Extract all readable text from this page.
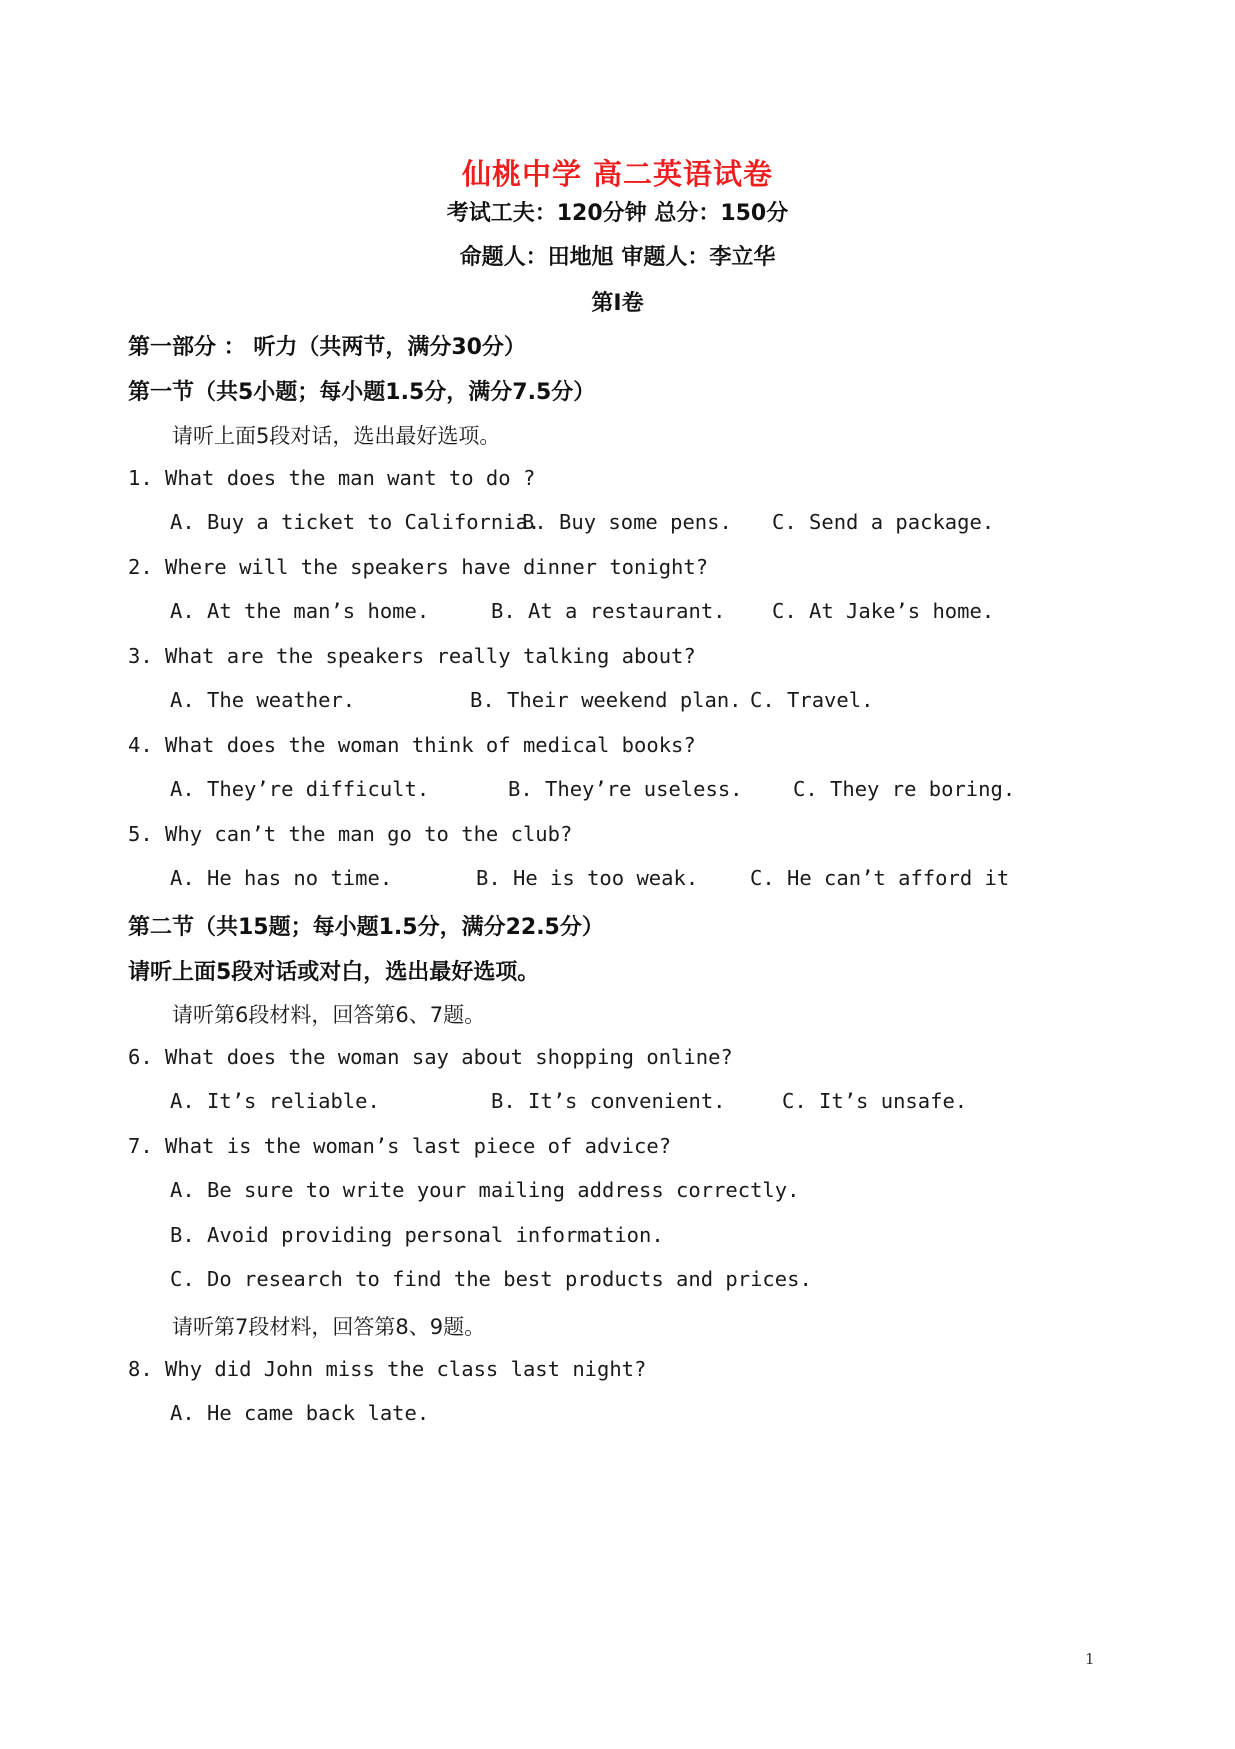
仙桃中学 高二英语试卷
考试工夫：120分钟 总分：150分
命题人：田地旭 审题人：李立华
第Ⅰ卷
第一部分 ： 听力（共两节，满分30分）
第一节（共5小题；每小题1.5分，满分7.5分）
请听上面5段对话，选出最好选项。
1. What does the man want to do ?
A. Buy a ticket to California.
B. Buy some pens. C. Send a package.
2. Where will the speakers have dinner tonight?
A. At the man’s home.	B. At a restaurant. C. At Jake’s home.
3. What are the speakers really talking about?
A. The weather.	B. Their weekend plan. C. Travel.
4. What does the woman think of medical books?
A. They’re difficult.	B. They’re useless. C. They re boring.
5. Why can’t the man go to the club?
A. He has no time.	B. He is too weak.	C. He can’t afford it
第二节（共15题；每小题1.5分，满分22.5分）
请听上面5段对话或对白，选出最好选项。
请听第6段材料，回答第6、7题。
6. What does the woman say about shopping online?
A. It’s reliable.	B. It’s convenient.	C. It’s unsafe.
7. What is the woman’s last piece of advice?
A. Be sure to write your mailing address correctly.
B. Avoid providing personal information.
C. Do research to find the best products and prices.
请听第7段材料，回答第8、9题。
8. Why did John miss the class last night?
A. He came back late.
1
